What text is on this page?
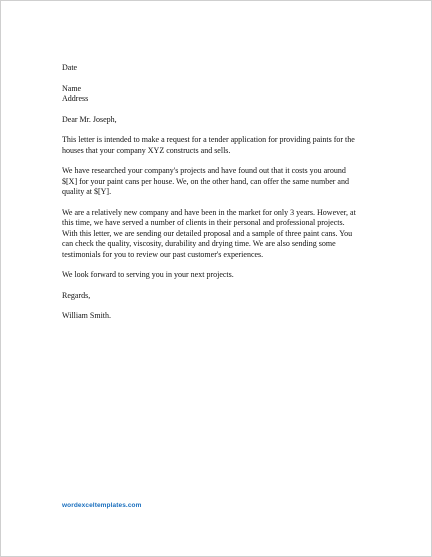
Date

Name
Address

Dear Mr. Joseph,

This letter is intended to make a request for a tender application for providing paints for the
houses that your company XYZ constructs and sells.

We have researched your company's projects and have found out that it costs you around
$[X] for your paint cans per house. We, on the other hand, can offer the same number and
quality at $[Y].

We are a relatively new company and have been in the market for only 3 years. However, at
this time, we have served a number of clients in their personal and professional projects.
With this letter, we are sending our detailed proposal and a sample of three paint cans. You
can check the quality, viscosity, durability and drying time. We are also sending some
testimonials for you to review our past customer's experiences.

We look forward to serving you in your next projects.

Regards,

William Smith.

wordexceltemplates.com
